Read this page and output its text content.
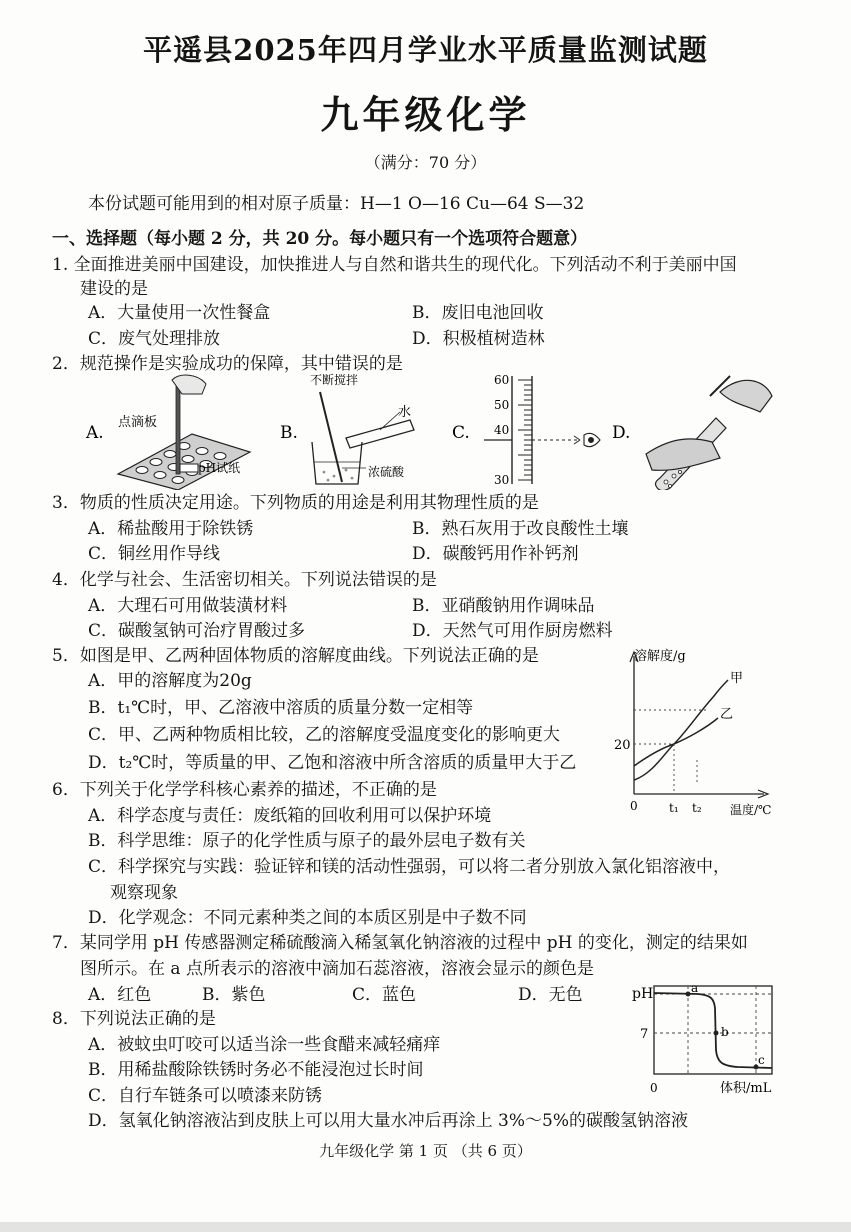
平遥县2025年四月学业水平质量监测试题
九年级化学
（满分：70 分）
本份试题可能用到的相对原子质量：H—1 O—16 Cu—64 S—32
一、选择题（每小题 2 分，共 20 分。每小题只有一个选项符合题意）
1. 全面推进美丽中国建设，加快推进人与自然和谐共生的现代化。下列活动不利于美丽中国
建设的是
A．大量使用一次性餐盒	B．废旧电池回收
C．废气处理排放	D．积极植树造林
2．规范操作是实验成功的保障，其中错误的是
A.
点滴板
pH试纸
B.
不断搅拌
水
浓硫酸
C.
60
50
40
30
D.
3．物质的性质决定用途。下列物质的用途是利用其物理性质的是
A．稀盐酸用于除铁锈	B．熟石灰用于改良酸性土壤
C．铜丝用作导线	D．碳酸钙用作补钙剂
4．化学与社会、生活密切相关。下列说法错误的是
A．大理石可用做装潢材料	B．亚硝酸钠用作调味品
C．碳酸氢钠可治疗胃酸过多	D．天然气可用作厨房燃料
5．如图是甲、乙两种固体物质的溶解度曲线。下列说法正确的是
A．甲的溶解度为20g
B．t₁℃时，甲、乙溶液中溶质的质量分数一定相等
C．甲、乙两种物质相比较，乙的溶解度受温度变化的影响更大
D．t₂℃时，等质量的甲、乙饱和溶液中所含溶质的质量甲大于乙
溶解度/g
温度/℃
0
20
t₁ t₂
甲
乙
6．下列关于化学学科核心素养的描述，不正确的是
A．科学态度与责任：废纸箱的回收利用可以保护环境
B．科学思维：原子的化学性质与原子的最外层电子数有关
C．科学探究与实践：验证锌和镁的活动性强弱，可以将二者分别放入氯化铝溶液中，
观察现象
D．化学观念：不同元素种类之间的本质区别是中子数不同
7．某同学用 pH 传感器测定稀硫酸滴入稀氢氧化钠溶液的过程中 pH 的变化，测定的结果如
图所示。在 a 点所表示的溶液中滴加石蕊溶液，溶液会显示的颜色是
A．红色	B．紫色	C．蓝色	D．无色	pH
7
0	体积/mL
a
b
c
8．下列说法正确的是
A．被蚊虫叮咬可以适当涂一些食醋来减轻痛痒
B．用稀盐酸除铁锈时务必不能浸泡过长时间
C．自行车链条可以喷漆来防锈
D．氢氧化钠溶液沾到皮肤上可以用大量水冲后再涂上 3%～5%的碳酸氢钠溶液
九年级化学 第 1 页 （共 6 页）
